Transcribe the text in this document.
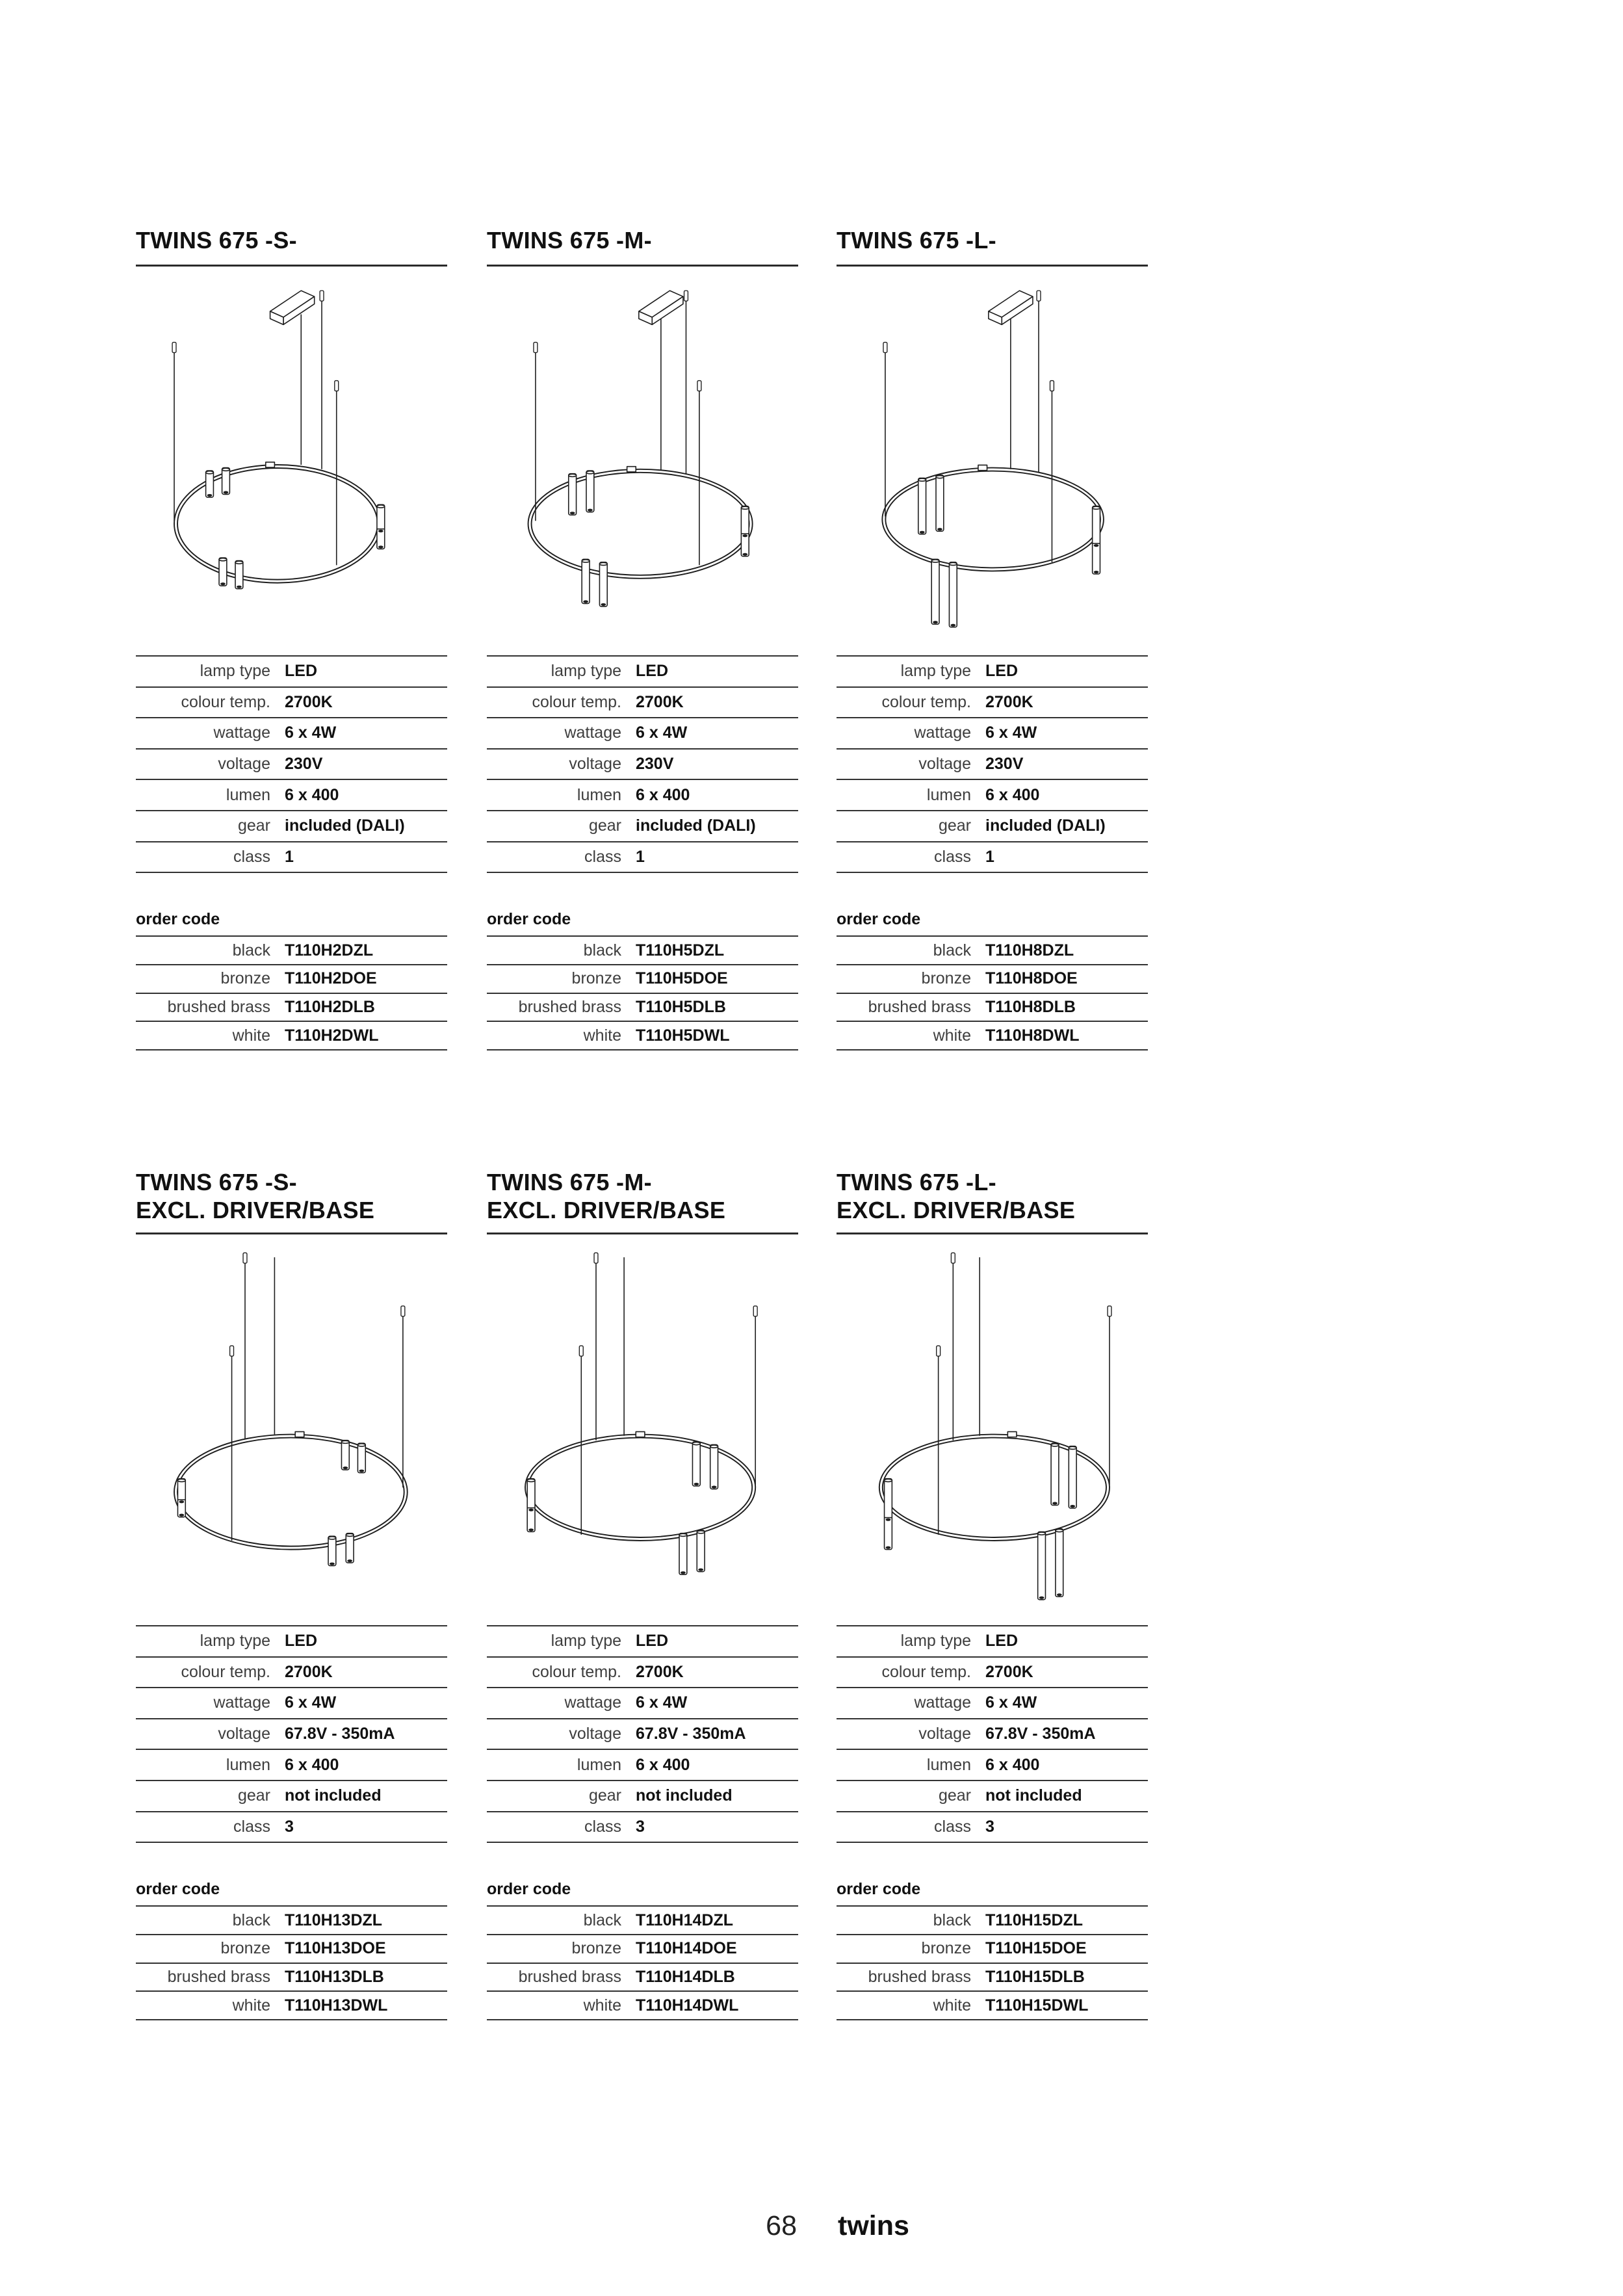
TWINS 675 -S-
lamp type LED
colour temp. 2700K
wattage 6 x 4W
voltage 230V
lumen 6 x 400
gear included (DALI)
class 1
order code
black T110H2DZL
bronze T110H2DOE
brushed brass T110H2DLB
white T110H2DWL
TWINS 675 -M-
lamp type LED
colour temp. 2700K
wattage 6 x 4W
voltage 230V
lumen 6 x 400
gear included (DALI)
class 1
order code
black T110H5DZL
bronze T110H5DOE
brushed brass T110H5DLB
white T110H5DWL
TWINS 675 -L-
lamp type LED
colour temp. 2700K
wattage 6 x 4W
voltage 230V
lumen 6 x 400
gear included (DALI)
class 1
order code
black T110H8DZL
bronze T110H8DOE
brushed brass T110H8DLB
white T110H8DWL
TWINS 675 -S-
EXCL. DRIVER/BASE
lamp type LED
colour temp. 2700K
wattage 6 x 4W
voltage 67.8V - 350mA
lumen 6 x 400
gear not included
class 3
order code
black T110H13DZL
bronze T110H13DOE
brushed brass T110H13DLB
white T110H13DWL
TWINS 675 -M-
EXCL. DRIVER/BASE
lamp type LED
colour temp. 2700K
wattage 6 x 4W
voltage 67.8V - 350mA
lumen 6 x 400
gear not included
class 3
order code
black T110H14DZL
bronze T110H14DOE
brushed brass T110H14DLB
white T110H14DWL
TWINS 675 -L-
EXCL. DRIVER/BASE
lamp type LED
colour temp. 2700K
wattage 6 x 4W
voltage 67.8V - 350mA
lumen 6 x 400
gear not included
class 3
order code
black T110H15DZL
bronze T110H15DOE
brushed brass T110H15DLB
white T110H15DWL
68 twins
